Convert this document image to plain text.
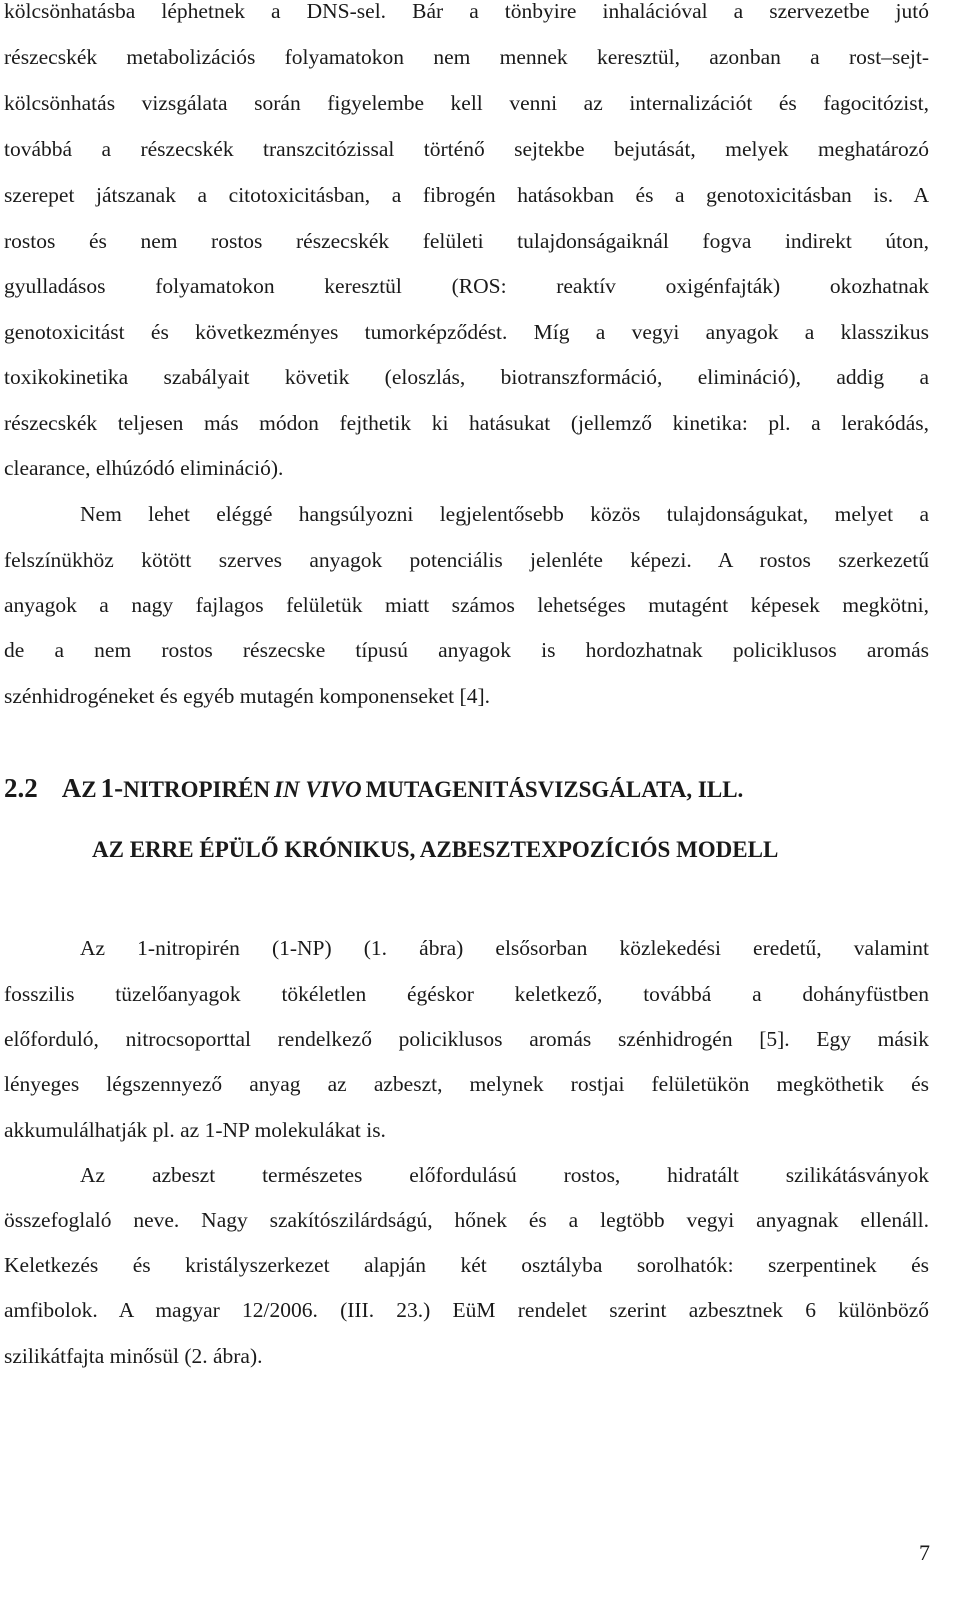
kölcsönhatásba léphetnek a DNS-sel. Bár a tönbyire inhalációval a szervezetbe jutó
részecskék metabolizációs folyamatokon nem mennek keresztül, azonban a rost–sejt-
kölcsönhatás vizsgálata során figyelembe kell venni az internalizációt és fagocitózist,
továbbá a részecskék transzcitózissal történő sejtekbe bejutását, melyek meghatározó
szerepet játszanak a citotoxicitásban, a fibrogén hatásokban és a genotoxicitásban is. A
rostos és nem rostos részecskék felületi tulajdonságaiknál fogva indirekt úton,
gyulladásos folyamatokon keresztül (ROS: reaktív oxigénfajták) okozhatnak
genotoxicitást és következményes tumorképződést. Míg a vegyi anyagok a klasszikus
toxikokinetika szabályait követik (eloszlás, biotranszformáció, elimináció), addig a
részecskék teljesen más módon fejthetik ki hatásukat (jellemző kinetika: pl. a lerakódás,
clearance, elhúzódó elimináció).
Nem lehet eléggé hangsúlyozni legjelentősebb közös tulajdonságukat, melyet a
felszínükhöz kötött szerves anyagok potenciális jelenléte képezi. A rostos szerkezetű
anyagok a nagy fajlagos felületük miatt számos lehetséges mutagént képesek megkötni,
de a nem rostos részecske típusú anyagok is hordozhatnak policiklusos aromás
szénhidrogéneket és egyéb mutagén komponenseket [4].
2.2 AZ 1-NITROPIRÉN IN VIVO MUTAGENITÁSVIZSGÁLATA, ILL.
AZ ERRE ÉPÜLŐ KRÓNIKUS, AZBESZTEXPOZÍCIÓS MODELL
Az 1-nitropirén (1-NP) (1. ábra) elsősorban közlekedési eredetű, valamint
fosszilis tüzelőanyagok tökéletlen égéskor keletkező, továbbá a dohányfüstben
előforduló, nitrocsoporttal rendelkező policiklusos aromás szénhidrogén [5]. Egy másik
lényeges légszennyező anyag az azbeszt, melynek rostjai felületükön megköthetik és
akkumulálhatják pl. az 1-NP molekulákat is.
Az azbeszt természetes előfordulású rostos, hidratált szilikátásványok
összefoglaló neve. Nagy szakítószilárdságú, hőnek és a legtöbb vegyi anyagnak ellenáll.
Keletkezés és kristályszerkezet alapján két osztályba sorolhatók: szerpentinek és
amfibolok. A magyar 12/2006. (III. 23.) EüM rendelet szerint azbesztnek 6 különböző
szilikátfajta minősül (2. ábra).
7
